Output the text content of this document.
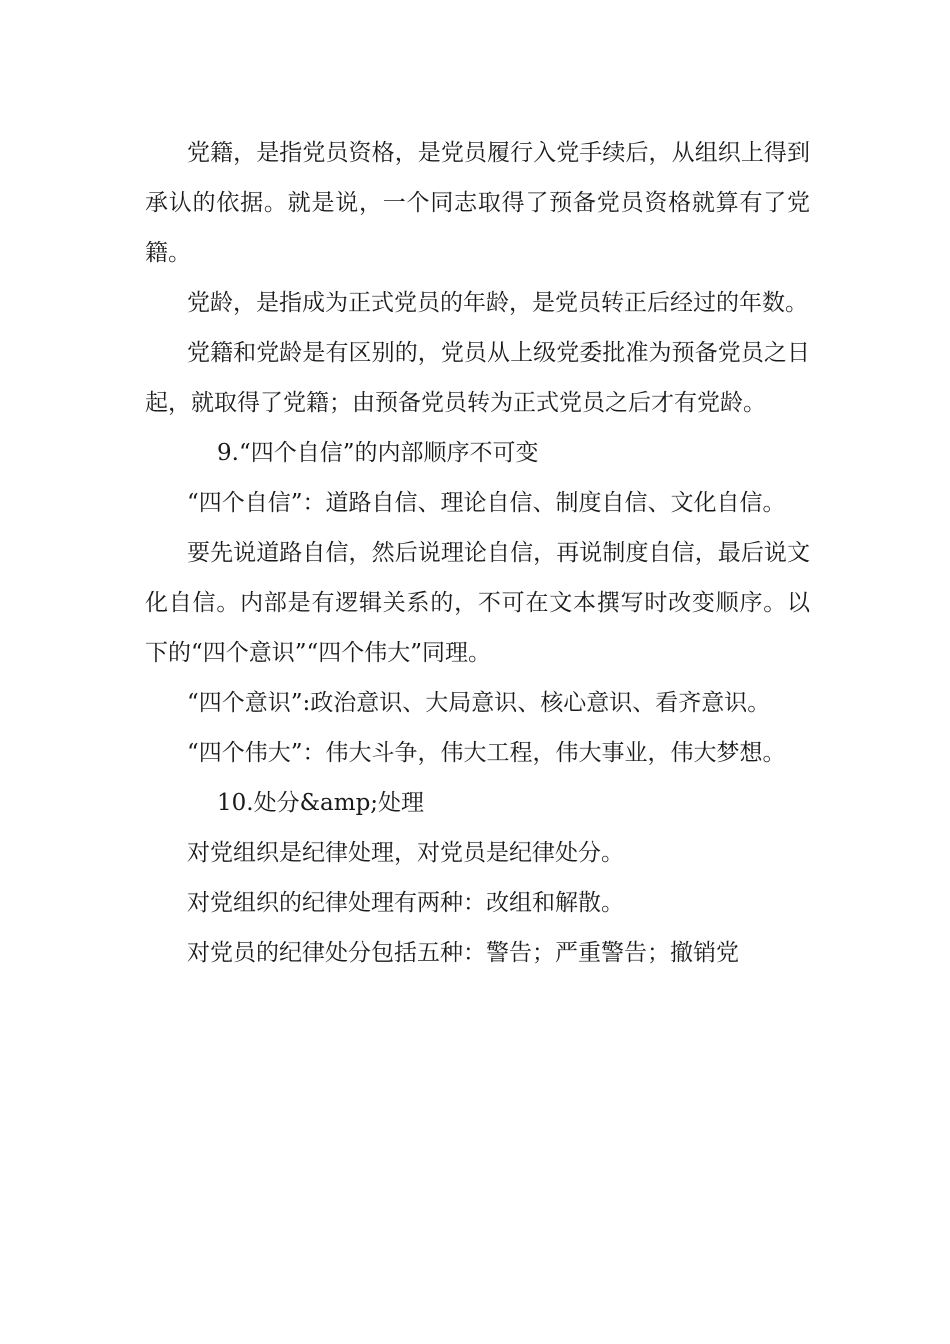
党籍，是指党员资格，是党员履行入党手续后，从组织上得到承认的依据。就是说，一个同志取得了预备党员资格就算有了党籍。

党龄，是指成为正式党员的年龄，是党员转正后经过的年数。

党籍和党龄是有区别的，党员从上级党委批准为预备党员之日起，就取得了党籍；由预备党员转为正式党员之后才有党龄。

9.“四个自信”的内部顺序不可变

“四个自信”：道路自信、理论自信、制度自信、文化自信。

要先说道路自信，然后说理论自信，再说制度自信，最后说文化自信。内部是有逻辑关系的，不可在文本撰写时改变顺序。以下的“四个意识”“四个伟大”同理。

“四个意识”:政治意识、大局意识、核心意识、看齐意识。

“四个伟大”：伟大斗争，伟大工程，伟大事业，伟大梦想。

10.处分&amp;处理

对党组织是纪律处理，对党员是纪律处分。

对党组织的纪律处理有两种：改组和解散。

对党员的纪律处分包括五种：警告；严重警告；撤销党
